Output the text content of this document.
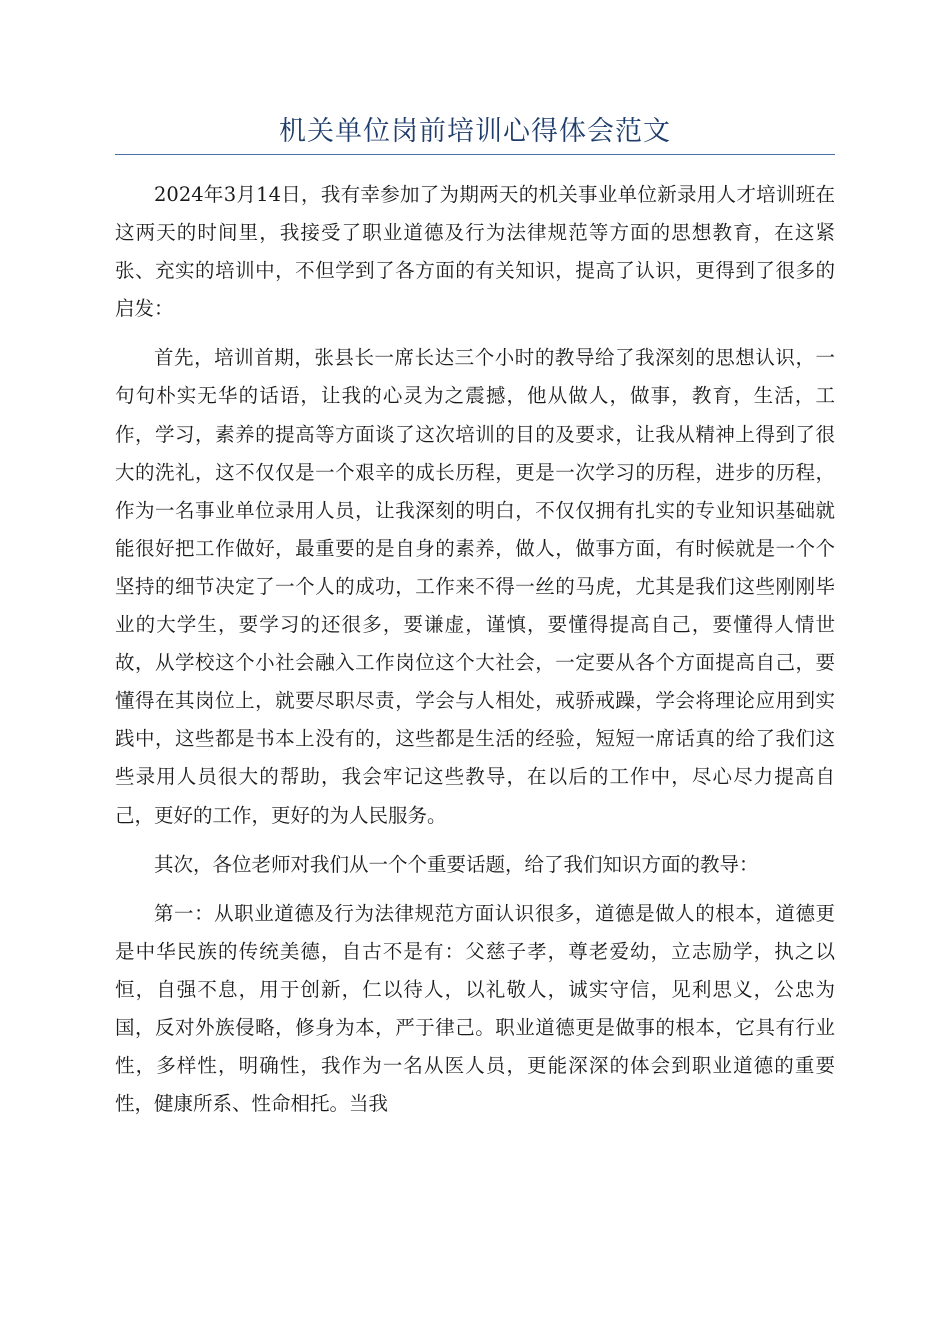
机关单位岗前培训心得体会范文

2024年3月14日，我有幸参加了为期两天的机关事业单位新录用人才培训班在这两天的时间里，我接受了职业道德及行为法律规范等方面的思想教育，在这紧张、充实的培训中，不但学到了各方面的有关知识，提高了认识，更得到了很多的启发：

首先，培训首期，张县长一席长达三个小时的教导给了我深刻的思想认识，一句句朴实无华的话语，让我的心灵为之震撼，他从做人，做事，教育，生活，工作，学习，素养的提高等方面谈了这次培训的目的及要求，让我从精神上得到了很大的洗礼，这不仅仅是一个艰辛的成长历程，更是一次学习的历程，进步的历程，作为一名事业单位录用人员，让我深刻的明白，不仅仅拥有扎实的专业知识基础就能很好把工作做好，最重要的是自身的素养，做人，做事方面，有时候就是一个个坚持的细节决定了一个人的成功，工作来不得一丝的马虎，尤其是我们这些刚刚毕业的大学生，要学习的还很多，要谦虚，谨慎，要懂得提高自己，要懂得人情世故，从学校这个小社会融入工作岗位这个大社会，一定要从各个方面提高自己，要懂得在其岗位上，就要尽职尽责，学会与人相处，戒骄戒躁，学会将理论应用到实践中，这些都是书本上没有的，这些都是生活的经验，短短一席话真的给了我们这些录用人员很大的帮助，我会牢记这些教导，在以后的工作中，尽心尽力提高自己，更好的工作，更好的为人民服务。

其次，各位老师对我们从一个个重要话题，给了我们知识方面的教导：

第一：从职业道德及行为法律规范方面认识很多，道德是做人的根本，道德更是中华民族的传统美德，自古不是有：父慈子孝，尊老爱幼，立志励学，执之以恒，自强不息，用于创新，仁以待人，以礼敬人，诚实守信，见利思义，公忠为国，反对外族侵略，修身为本，严于律己。职业道德更是做事的根本，它具有行业性，多样性，明确性，我作为一名从医人员，更能深深的体会到职业道德的重要性，健康所系、性命相托。当我
